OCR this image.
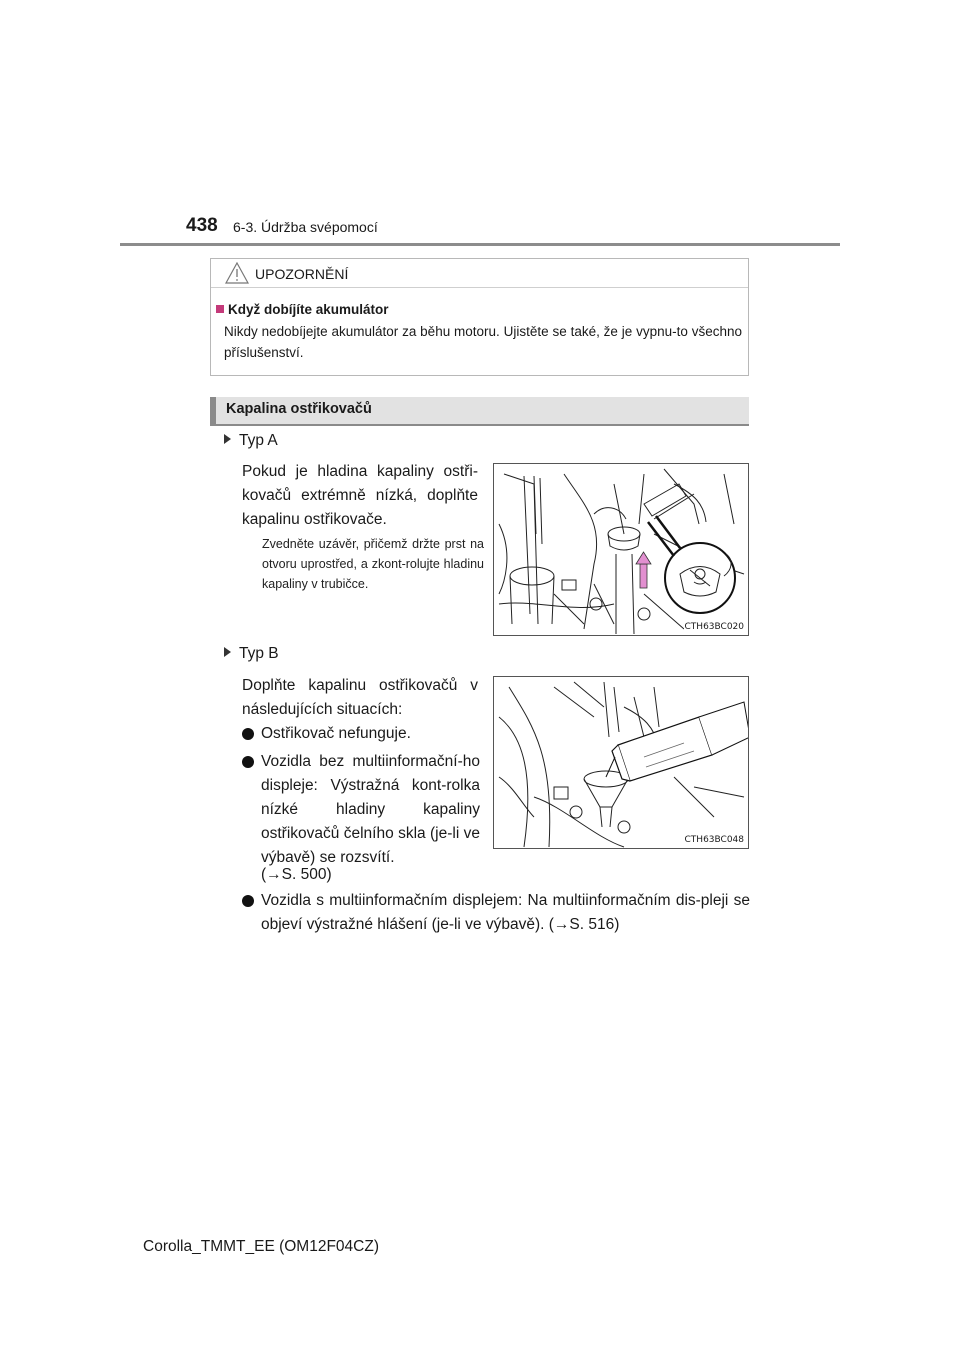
438 6-3. Údržba svépomocí
UPOZORNĚNÍ
Když dobíjíte akumulátor
Nikdy nedobíjejte akumulátor za běhu motoru. Ujistěte se také, že je vypnu-to všechno příslušenství.
Kapalina ostřikovačů
Typ A
Pokud je hladina kapaliny ostři-kovačů extrémně nízká, doplňte kapalinu ostřikovače.
Zvedněte uzávěr, přičemž držte prst na otvoru uprostřed, a zkont-rolujte hladinu kapaliny v trubičce.
CTH63BC020
Typ B
Doplňte kapalinu ostřikovačů v následujících situacích:
Ostřikovač nefunguje.
Vozidla bez multiinformační-ho displeje: Výstražná kont-rolka nízké hladiny kapaliny ostřikovačů čelního skla (je-li ve výbavě) se rozsvítí.
(→S. 500)
Vozidla s multiinformačním displejem: Na multiinformačním dis-pleji se objeví výstražné hlášení (je-li ve výbavě). (→S. 516)
CTH63BC048
Corolla_TMMT_EE (OM12F04CZ)
